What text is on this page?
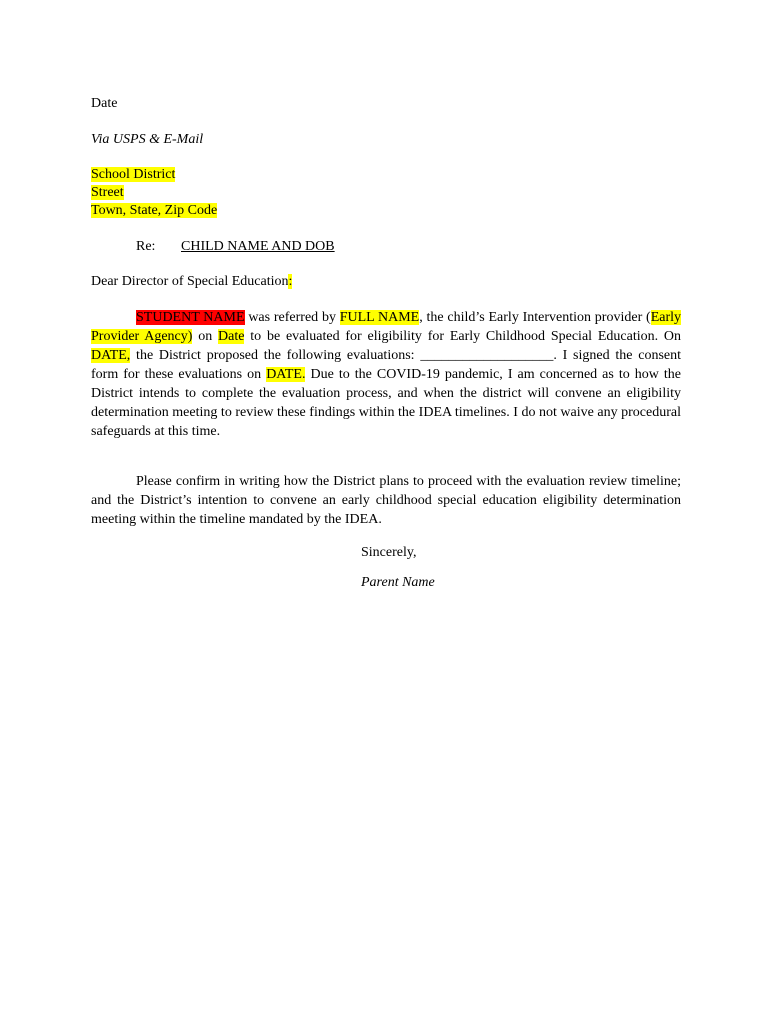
Date
Via USPS & E-Mail
School District
Street
Town, State, Zip Code
Re: CHILD NAME AND DOB
Dear Director of Special Education:

STUDENT NAME was referred by FULL NAME, the child’s Early Intervention provider (Early Provider Agency) on Date to be evaluated for eligibility for Early Childhood Special Education. On DATE, the District proposed the following evaluations: ___________________. I signed the consent form for these evaluations on DATE. Due to the COVID-19 pandemic, I am concerned as to how the District intends to complete the evaluation process, and when the district will convene an eligibility determination meeting to review these findings within the IDEA timelines. I do not waive any procedural safeguards at this time.

Please confirm in writing how the District plans to proceed with the evaluation review timeline; and the District’s intention to convene an early childhood special education eligibility determination meeting within the timeline mandated by the IDEA.

Sincerely,
Parent Name
